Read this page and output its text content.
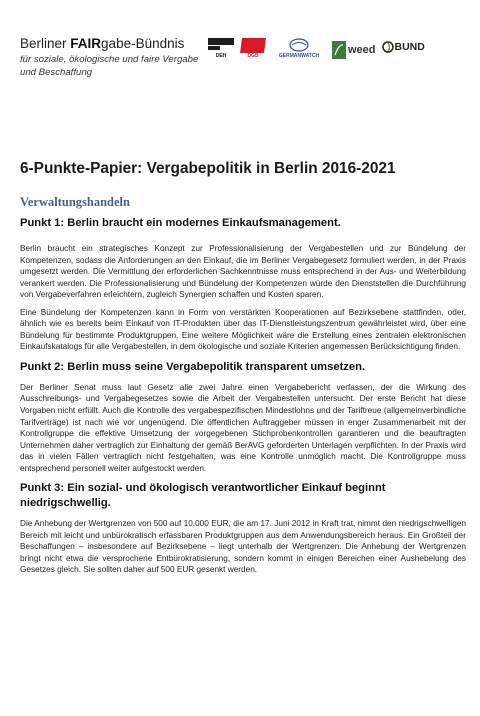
Berliner FAIRgabe-Bündnis
für soziale, ökologische und faire Vergabe
und Beschaffung
DEH	DGB	GERMANWATCH	weed BUND
6-Punkte-Papier: Vergabepolitik in Berlin 2016-2021
Verwaltungshandeln
Punkt 1: Berlin braucht ein modernes Einkaufsmanagement.
Berlin braucht ein strategisches Konzept zur Professionalisierung der Vergabestellen und zur Bündelung der Kompetenzen, sodass die Anforderungen an den Einkauf, die im Berliner Vergabegesetz formuliert werden, in der Praxis umgesetzt werden. Die Vermittlung der erforderlichen Sachkenntnisse muss entsprechend in der Aus- und Weiterbildung verankert werden. Die Professionalisierung und Bündelung der Kompetenzen würde den Dienststellen die Durchführung von Vergabeverfahren erleichtern, zugleich Synergien schaffen und Kosten sparen.
Eine Bündelung der Kompetenzen kann in Form von verstärkten Kooperationen auf Bezirksebene stattfinden, oder, ähnlich wie es bereits beim Einkauf von IT-Produkten über das IT-Dienstleistungszentrum gewährleistet wird, über eine Bündelung für bestimmte Produktgruppen. Eine weitere Möglichkeit wäre die Erstellung eines zentralen elektronischen Einkaufskatalogs für alle Vergabestellen, in dem ökologische und soziale Kriterien angemessen Berücksichtigung finden.
Punkt 2: Berlin muss seine Vergabepolitik transparent umsetzen.
Der Berliner Senat muss laut Gesetz alle zwei Jahre einen Vergabebericht verfassen, der die Wirkung des Ausschreibungs- und Vergabegesetzes sowie die Arbeit der Vergabestellen untersucht. Der erste Bericht hat diese Vorgaben nicht erfüllt. Auch die Kontrolle des vergabespezifischen Mindestlohns und der Tariftreue (allgemeinverbindliche Tarifverträge) ist nach wie vor ungenügend. Die öffentlichen Auftraggeber müssen in enger Zusammenarbeit mit der Kontrollgruppe die effektive Umsetzung der vorgegebenen Stichprobenkontrollen garantieren und die beauftragten Unternehmen daher vertraglich zur Einhaltung der gemäß BerAVG geforderten Unterlagen verpflichten. In der Praxis wird das in vielen Fällen vertraglich nicht festgehalten, was eine Kontrolle unmöglich macht. Die Kontrollgruppe muss entsprechend personell weiter aufgestockt werden.
Punkt 3: Ein sozial- und ökologisch verantwortlicher Einkauf beginnt niedrigschwellig.
Die Anhebung der Wertgrenzen von 500 auf 10.000 EUR, die am 17. Juni 2012 in Kraft trat, nimmt den niedrigschwelligen Bereich mit leicht und unbürokratisch erfassbaren Produktgruppen aus dem Anwendungsbereich heraus. Ein Großteil der Beschaffungen – insbesondere auf Bezirksebene – liegt unterhalb der Wertgrenzen. Die Anhebung der Wertgrenzen bringt nicht etwa die versprochene Entbürokratisierung, sondern kommt in einigen Bereichen einer Aushebelung des Gesetzes gleich. Sie sollten daher auf 500 EUR gesenkt werden.
